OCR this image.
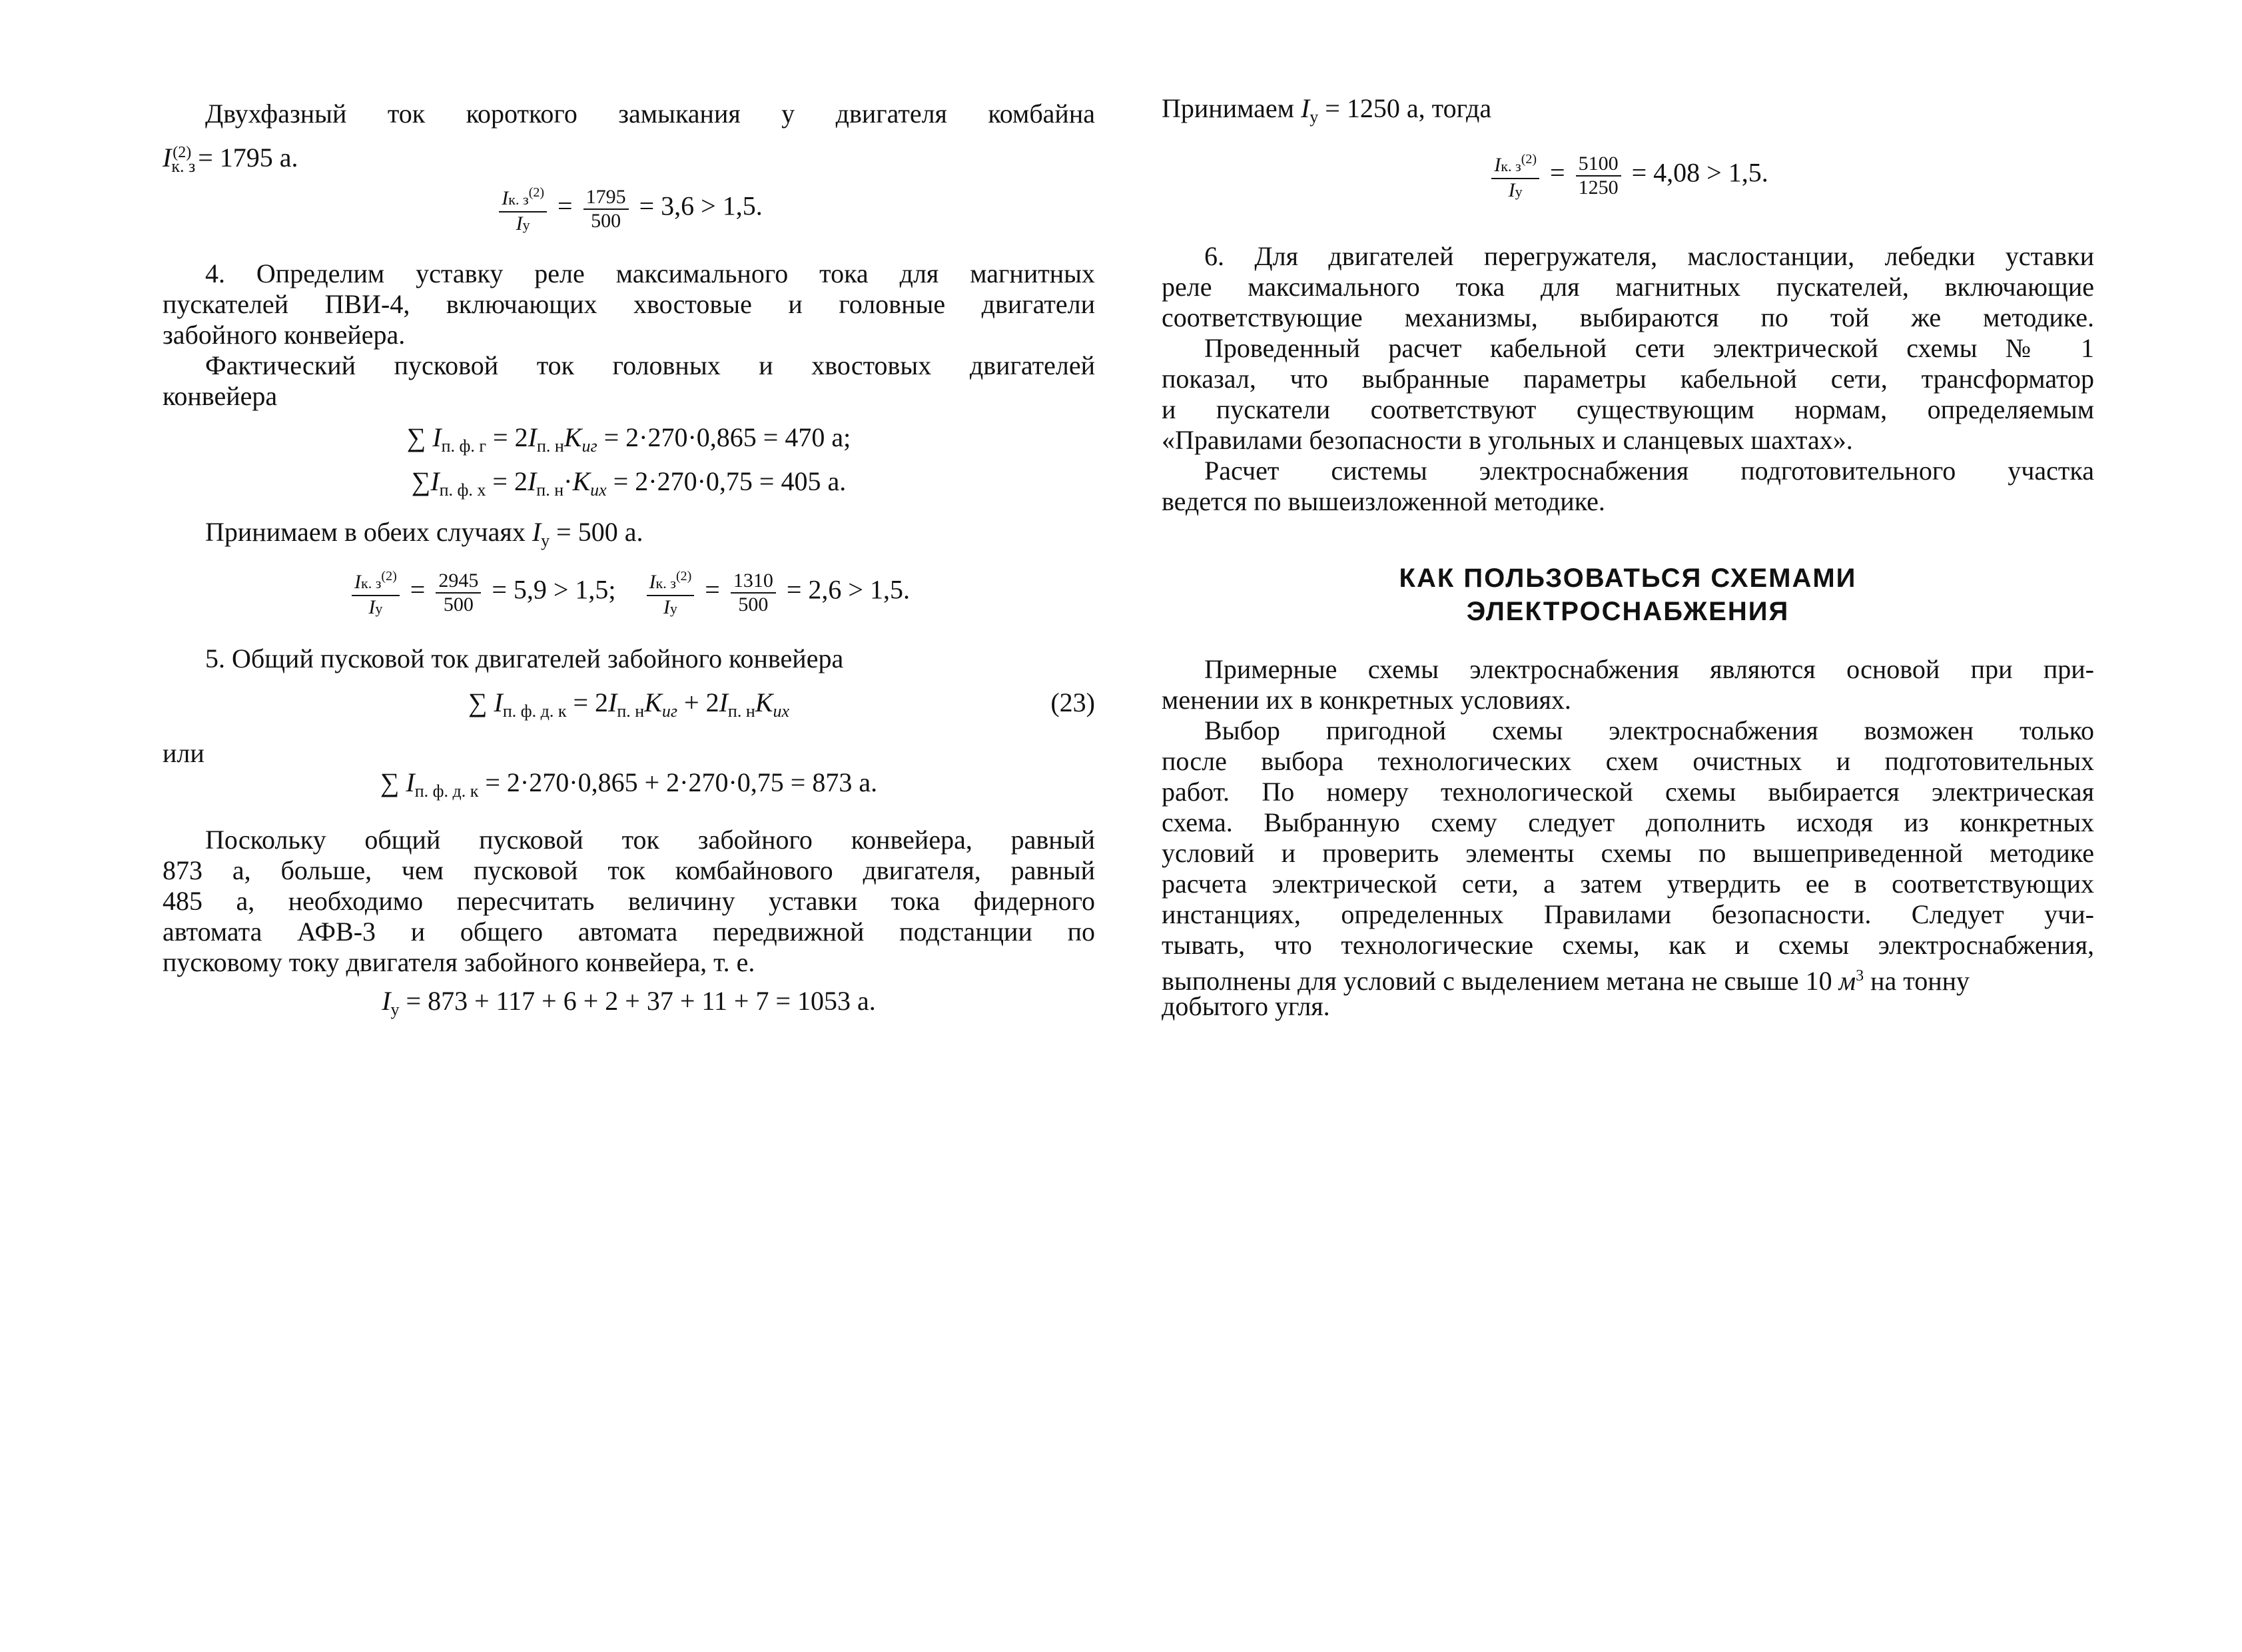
Двухфазный ток короткого замыкания у двигателя комбайна
$I_{к. з}^{(2)} = 1795$ а.
$\frac{Iк. з^{(2)}}{Iу} = \frac{1795}{500} = 3,6 > 1,5$.
4. Определим уставку реле максимального тока для магнитных
пускателей ПВИ-4, включающих хвостовые и головные двигатели
забойного конвейера.
Фактический пусковой ток головных и хвостовых двигателей
конвейера
∑ $I_{п. ф. г} = 2I_{п. н}K_{иг} = 2\cdot 270\cdot 0,865 = 470$ а;
$\sum I_{п. ф. х} = 2I_{п. н}\cdot K_{их} = 2\cdot 270\cdot 0,75 = 405$ а.
Принимаем в обеих случаях $I_у = 500$ а.
$\frac{Iк. з^{(2)}}{Iу} = \frac{2945}{500} = 5,9 > 1,5$; $\frac{Iк. з^{(2)}}{Iу} = \frac{1310}{500} = 2,6 > 1,5$.
5. Общий пусковой ток двигателей забойного конвейера
∑ $I_{п. ф. д. к} = 2I_{п. н}K_{иг} + 2I_{п. н}K_{их}$	(23)
или
∑ $I_{п. ф. д. к} = 2\cdot 270\cdot 0,865 + 2\cdot 270\cdot 0,75 = 873$ а.
Поскольку общий пусковой ток забойного конвейера, равный
873 а, больше, чем пусковой ток комбайнового двигателя, равный
485 а, необходимо пересчитать величину уставки тока фидерного
автомата АФВ-3 и общего автомата передвижной подстанции по
пусковому току двигателя забойного конвейера, т. е.
$I_у = 873 + 117 + 6 + 2 + 37 + 11 + 7 = 1053$ а.
Принимаем $I_у = 1250$ а, тогда
$\frac{Iк. з^{(2)}}{Iу} = \frac{5100}{1250} = 4,08 > 1,5$.
6. Для двигателей перегружателя, маслостанции, лебедки уставки
реле максимального тока для магнитных пускателей, включающие
соответствующие механизмы, выбираются по той же методике.
Проведенный расчет кабельной сети электрической схемы № 1
показал, что выбранные параметры кабельной сети, трансформатор
и пускатели соответствуют существующим нормам, определяемым
«Правилами безопасности в угольных и сланцевых шахтах».
Расчет системы электроснабжения подготовительного участка
ведется по вышеизложенной методике.
КАК ПОЛЬЗОВАТЬСЯ СХЕМАМИ
ЭЛЕКТРОСНАБЖЕНИЯ
Примерные схемы электроснабжения являются основой при при-
менении их в конкретных условиях.
Выбор пригодной схемы электроснабжения возможен только
после выбора технологических схем очистных и подготовительных
работ. По номеру технологической схемы выбирается электрическая
схема. Выбранную схему следует дополнить исходя из конкретных
условий и проверить элементы схемы по вышеприведенной методике
расчета электрической сети, а затем утвердить ее в соответствующих
инстанциях, определенных Правилами безопасности. Следует учи-
тывать, что технологические схемы, как и схемы электроснабжения,
выполнены для условий с выделением метана не свыше 10 $м^3$ на тонну
добытого угля.
